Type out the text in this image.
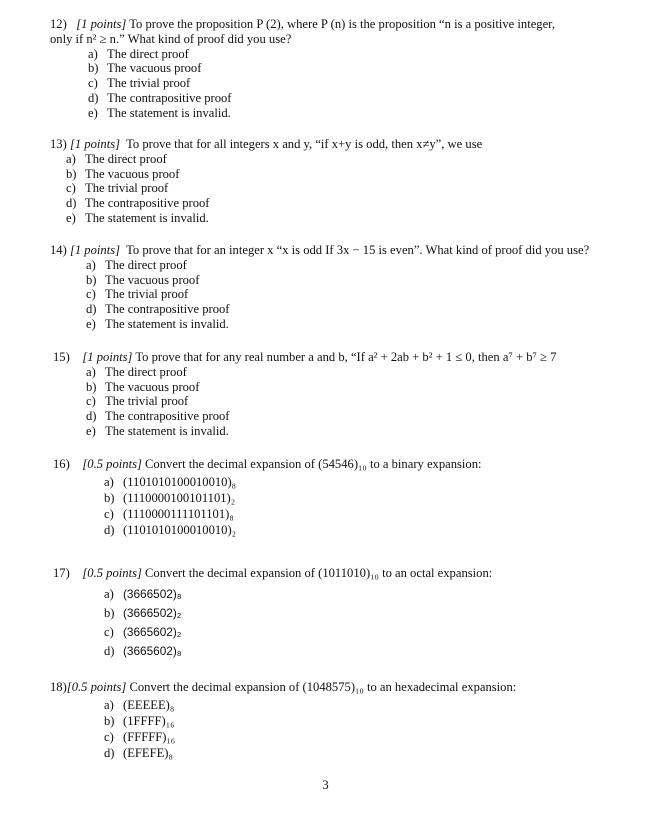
12) [1 points] To prove the proposition P (2), where P (n) is the proposition “n is a positive integer,
only if n² ≥ n.” What kind of proof did you use?
a) The direct proof
b) The vacuous proof
c) The trivial proof
d) The contrapositive proof
e) The statement is invalid.
13) [1 points] To prove that for all integers x and y, “if x+y is odd, then x≠y”, we use
a) The direct proof
b) The vacuous proof
c) The trivial proof
d) The contrapositive proof
e) The statement is invalid.
14) [1 points] To prove that for an integer x “x is odd If 3x − 15 is even”. What kind of proof did you use?
a) The direct proof
b) The vacuous proof
c) The trivial proof
d) The contrapositive proof
e) The statement is invalid.
15) [1 points] To prove that for any real number a and b, “If a² + 2ab + b² + 1 ≤ 0, then a⁷ + b⁷ ≥ 7
a) The direct proof
b) The vacuous proof
c) The trivial proof
d) The contrapositive proof
e) The statement is invalid.
16) [0.5 points] Convert the decimal expansion of (54546)₁₀ to a binary expansion:
a) (1101010100010010)₈
b) (1110000100101101)₂
c) (1110000111101101)₈
d) (1101010100010010)₂
17) [0.5 points] Convert the decimal expansion of (1011010)₁₀ to an octal expansion:
a) (3666502)₈
b) (3666502)₂
c) (3665602)₂
d) (3665602)₈
18)[0.5 points] Convert the decimal expansion of (1048575)₁₀ to an hexadecimal expansion:
a) (EEEEE)₈
b) (1FFFF)₁₆
c) (FFFFF)₁₆
d) (EFEFE)₈
3
